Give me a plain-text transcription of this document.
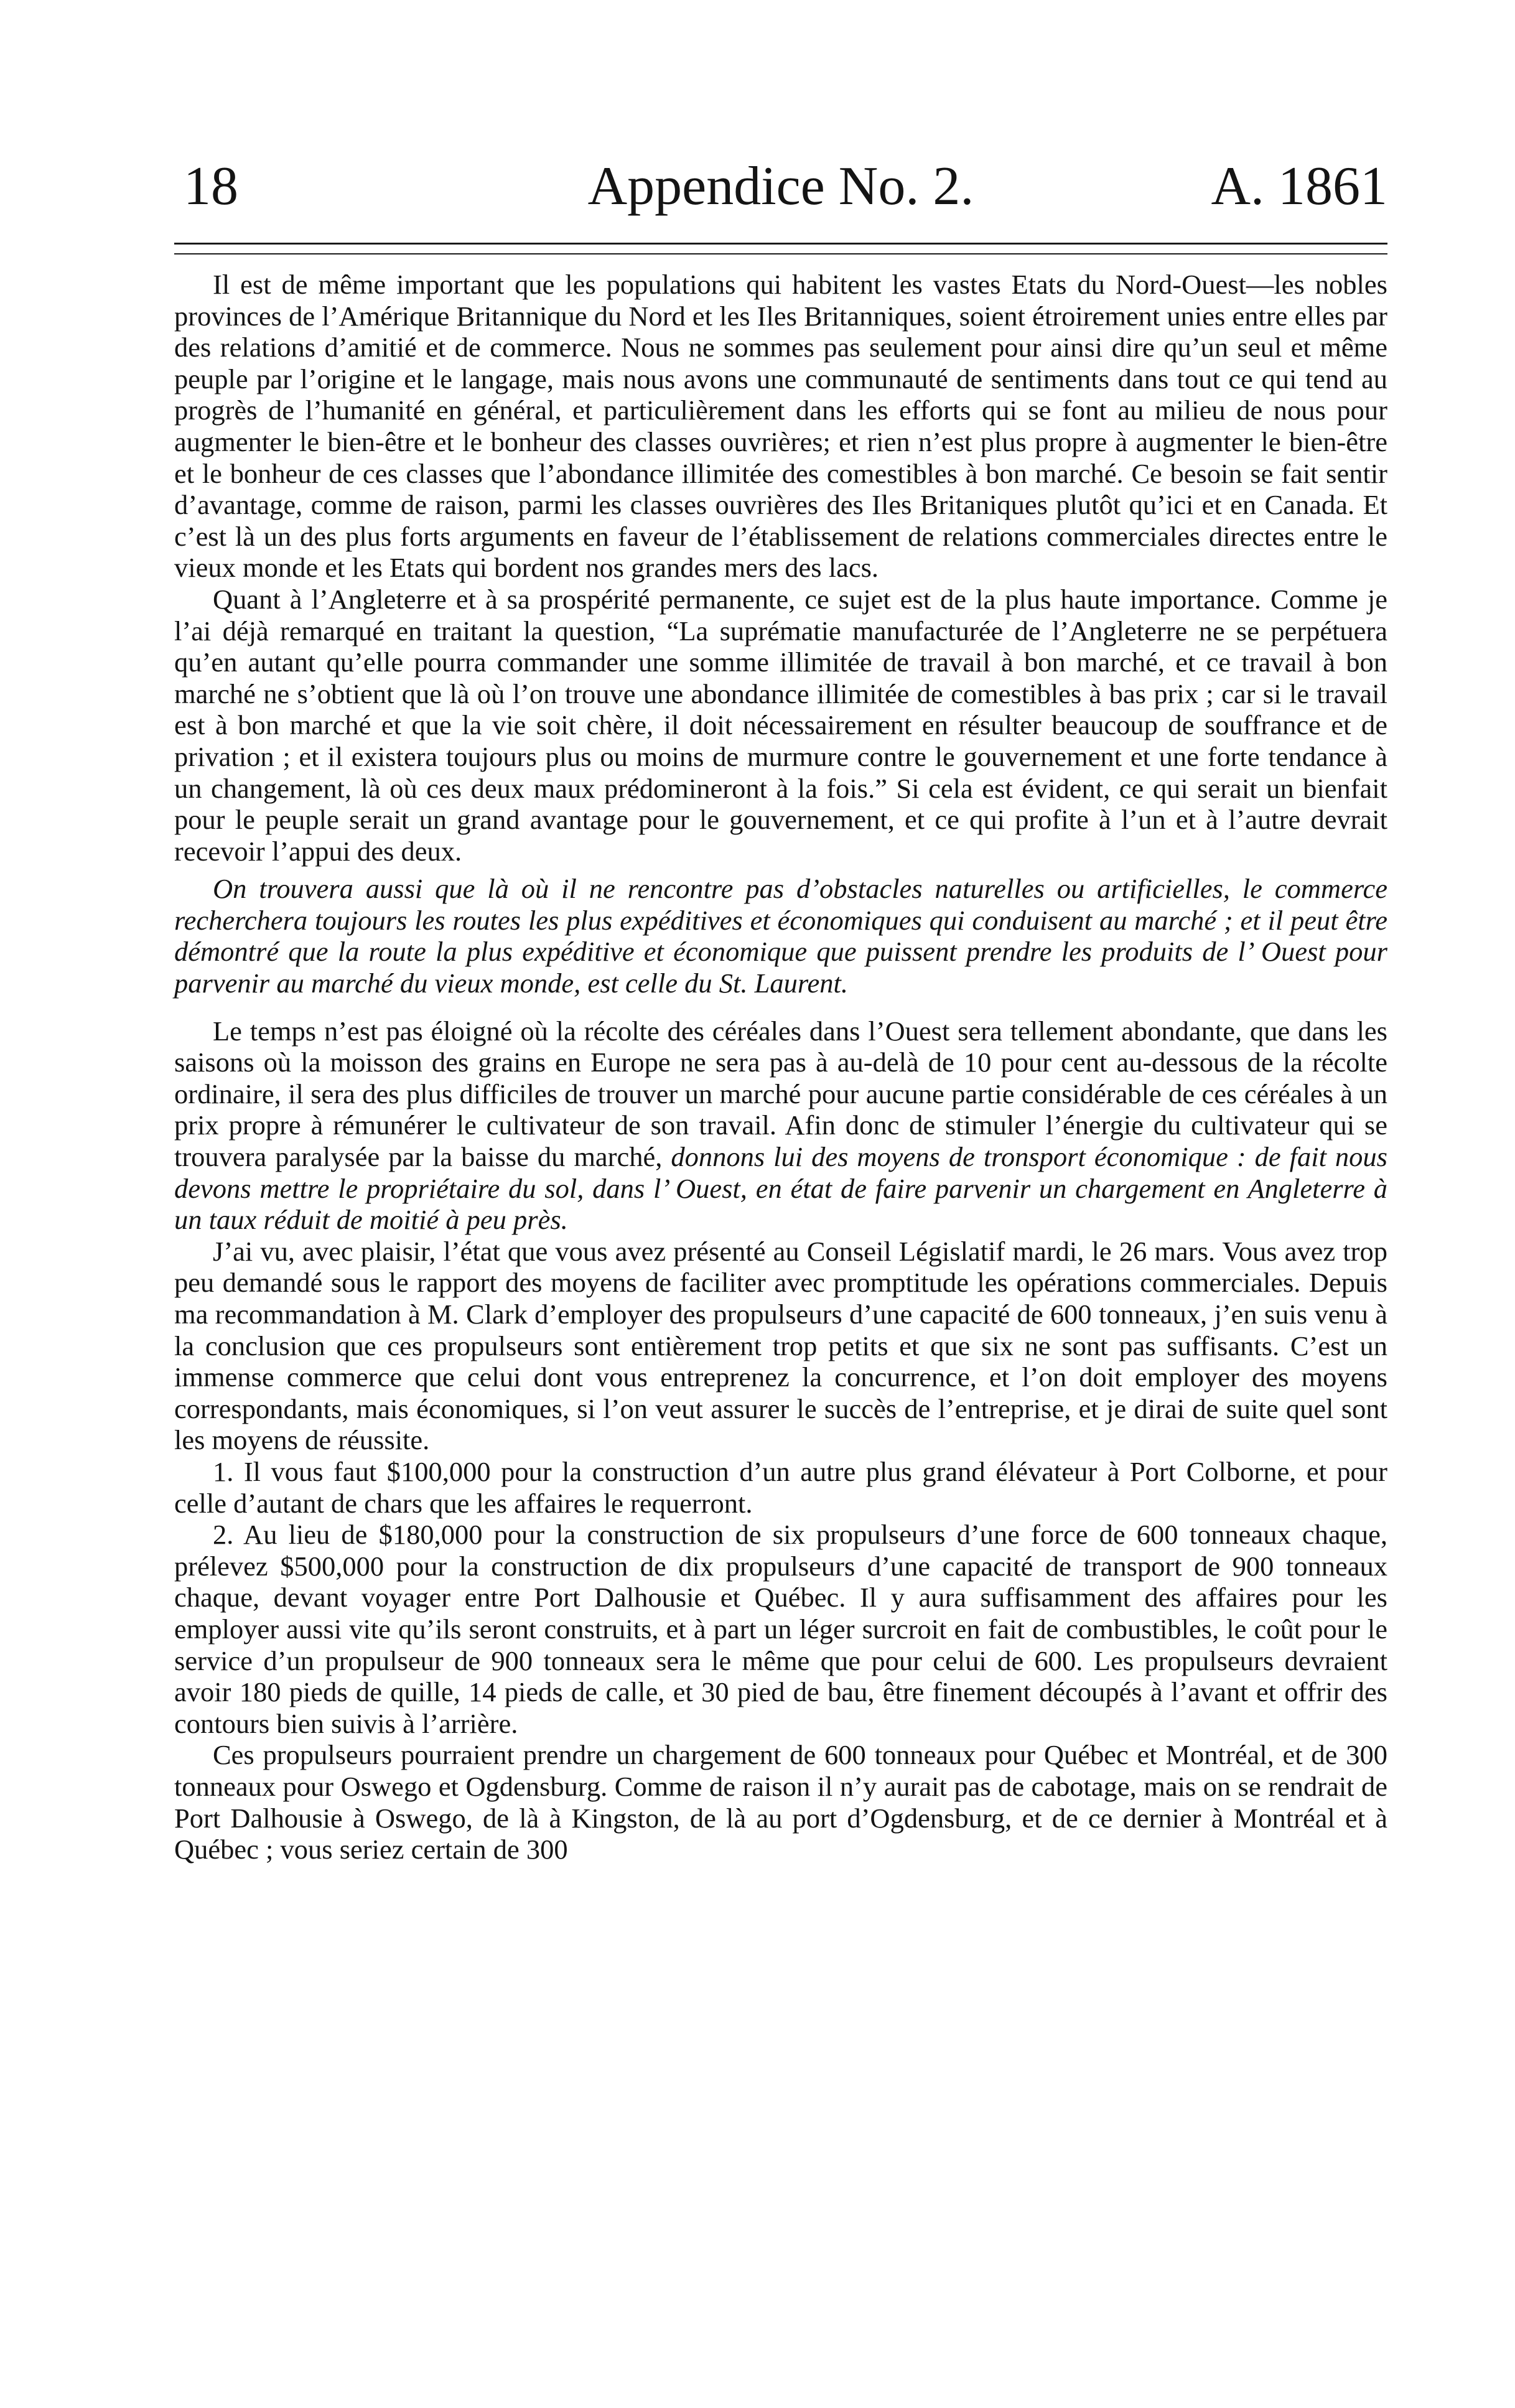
18	Appendice No. 2.	A. 1861

Il est de même important que les populations qui habitent les vastes Etats du Nord-Ouest—les nobles provinces de l’Amérique Britannique du Nord et les Iles Britanniques, soient étroirement unies entre elles par des relations d’amitié et de commerce. Nous ne sommes pas seulement pour ainsi dire qu’un seul et même peuple par l’origine et le langage, mais nous avons une communauté de sentiments dans tout ce qui tend au progrès de l’humanité en général, et particulièrement dans les efforts qui se font au milieu de nous pour augmenter le bien-être et le bonheur des classes ouvrières; et rien n’est plus propre à augmenter le bien-être et le bonheur de ces classes que l’abondance illimitée des comestibles à bon marché. Ce besoin se fait sentir d’avantage, comme de raison, parmi les classes ouvrières des Iles Britaniques plutôt qu’ici et en Canada. Et c’est là un des plus forts arguments en faveur de l’établissement de relations commerciales directes entre le vieux monde et les Etats qui bordent nos grandes mers des lacs.

Quant à l’Angleterre et à sa prospérité permanente, ce sujet est de la plus haute importance. Comme je l’ai déjà remarqué en traitant la question, “La suprématie manufacturée de l’Angleterre ne se perpétuera qu’en autant qu’elle pourra commander une somme illimitée de travail à bon marché, et ce travail à bon marché ne s’obtient que là où l’on trouve une abondance illimitée de comestibles à bas prix ; car si le travail est à bon marché et que la vie soit chère, il doit nécessairement en résulter beaucoup de souffrance et de privation ; et il existera toujours plus ou moins de murmure contre le gouvernement et une forte tendance à un changement, là où ces deux maux prédomineront à la fois.” Si cela est évident, ce qui serait un bienfait pour le peuple serait un grand avantage pour le gouvernement, et ce qui profite à l’un et à l’autre devrait recevoir l’appui des deux.

On trouvera aussi que là où il ne rencontre pas d’obstacles naturelles ou artificielles, le commerce recherchera toujours les routes les plus expéditives et économiques qui conduisent au marché ; et il peut être démontré que la route la plus expéditive et économique que puissent prendre les produits de l’ Ouest pour parvenir au marché du vieux monde, est celle du St. Laurent.

Le temps n’est pas éloigné où la récolte des céréales dans l’Ouest sera tellement abondante, que dans les saisons où la moisson des grains en Europe ne sera pas à au-delà de 10 pour cent au-dessous de la récolte ordinaire, il sera des plus difficiles de trouver un marché pour aucune partie considérable de ces céréales à un prix propre à rémunérer le cultivateur de son travail. Afin donc de stimuler l’énergie du cultivateur qui se trouvera paralysée par la baisse du marché, donnons lui des moyens de tronsport économique : de fait nous devons mettre le propriétaire du sol, dans l’ Ouest, en état de faire parvenir un chargement en Angleterre à un taux réduit de moitié à peu près.

J’ai vu, avec plaisir, l’état que vous avez présenté au Conseil Législatif mardi, le 26 mars. Vous avez trop peu demandé sous le rapport des moyens de faciliter avec promptitude les opérations commerciales. Depuis ma recommandation à M. Clark d’employer des propulseurs d’une capacité de 600 tonneaux, j’en suis venu à la conclusion que ces propulseurs sont entièrement trop petits et que six ne sont pas suffisants. C’est un immense commerce que celui dont vous entreprenez la concurrence, et l’on doit employer des moyens correspondants, mais économiques, si l’on veut assurer le succès de l’entreprise, et je dirai de suite quel sont les moyens de réussite.

1. Il vous faut $100,000 pour la construction d’un autre plus grand élévateur à Port Colborne, et pour celle d’autant de chars que les affaires le requerront.

2. Au lieu de $180,000 pour la construction de six propulseurs d’une force de 600 tonneaux chaque, prélevez $500,000 pour la construction de dix propulseurs d’une capacité de transport de 900 tonneaux chaque, devant voyager entre Port Dalhousie et Québec. Il y aura suffisamment des affaires pour les employer aussi vite qu’ils seront construits, et à part un léger surcroit en fait de combustibles, le coût pour le service d’un propulseur de 900 tonneaux sera le même que pour celui de 600. Les propulseurs devraient avoir 180 pieds de quille, 14 pieds de calle, et 30 pied de bau, être finement découpés à l’avant et offrir des contours bien suivis à l’arrière.

Ces propulseurs pourraient prendre un chargement de 600 tonneaux pour Québec et Montréal, et de 300 tonneaux pour Oswego et Ogdensburg. Comme de raison il n’y aurait pas de cabotage, mais on se rendrait de Port Dalhousie à Oswego, de là à Kingston, de là au port d’Ogdensburg, et de ce dernier à Montréal et à Québec ; vous seriez certain de 300
